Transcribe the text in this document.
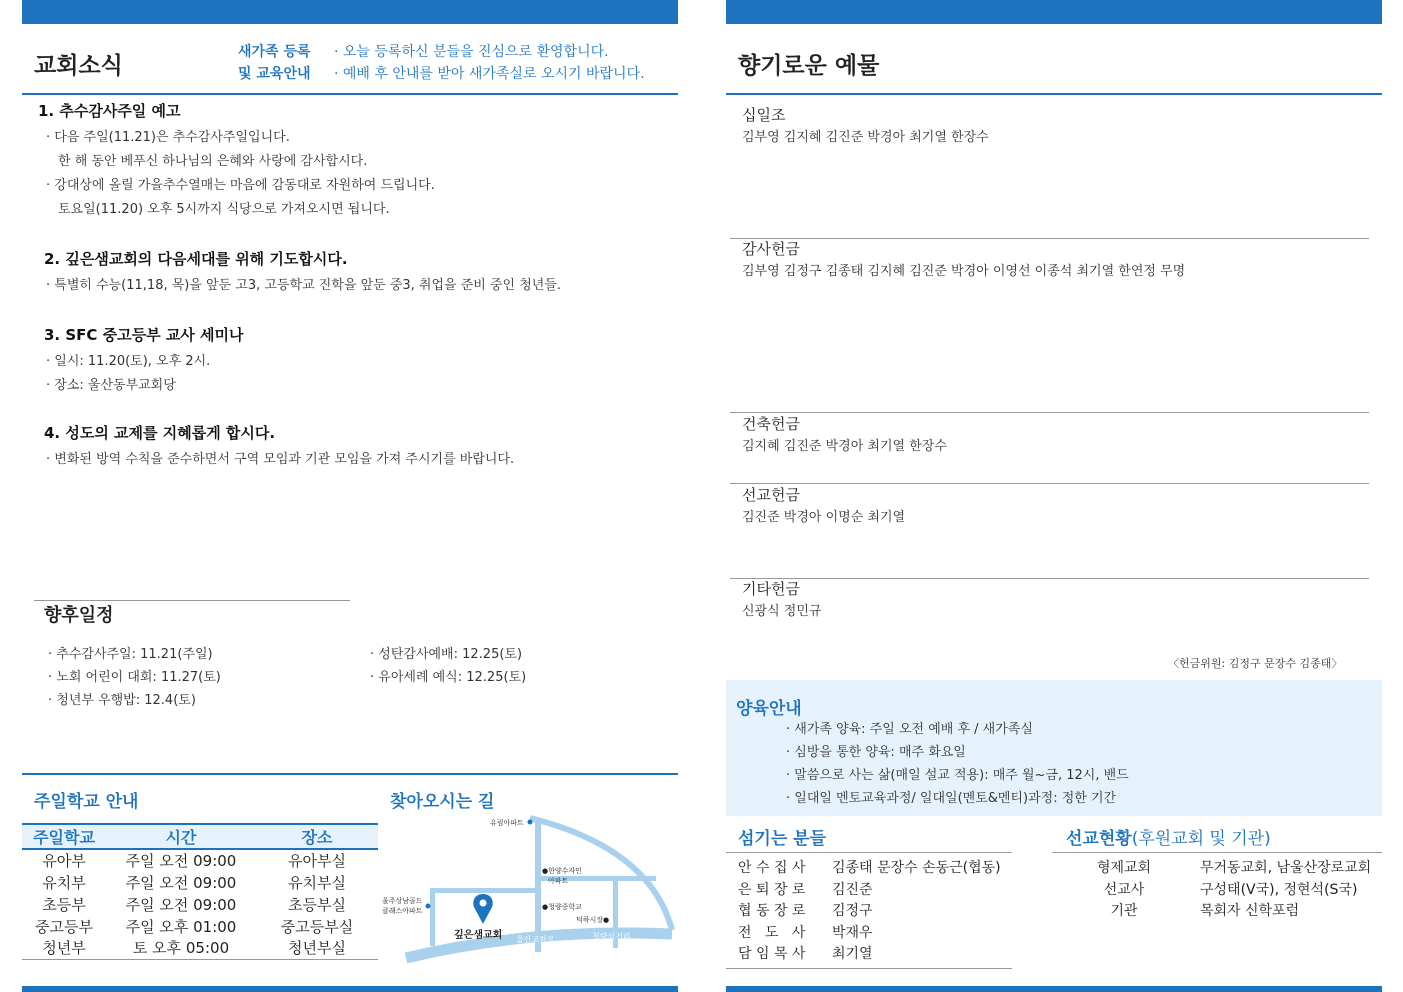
교회소식
새가족 등록
및 교육안내
· 오늘 등록하신 분들을 진심으로 환영합니다.
· 예배 후 안내를 받아 새가족실로 오시기 바랍니다.
1. 추수감사주일 예고
· 다음 주일(11.21)은 추수감사주일입니다.
한 해 동안 베푸신 하나님의 은혜와 사랑에 감사합시다.
· 강대상에 올릴 가을추수열매는 마음에 감동대로 자원하여 드립니다.
토요일(11.20) 오후 5시까지 식당으로 가져오시면 됩니다.
2. 깊은샘교회의 다음세대를 위해 기도합시다.
· 특별히 수능(11,18, 목)을 앞둔 고3, 고등학교 진학을 앞둔 중3, 취업을 준비 중인 청년들.
3. SFC 중고등부 교사 세미나
· 일시: 11.20(토), 오후 2시.
· 장소: 울산동부교회당
4. 성도의 교제를 지혜롭게 합시다.
· 변화된 방역 수칙을 준수하면서 구역 모임과 기관 모임을 가져 주시기를 바랍니다.
향후일정
· 추수감사주일: 11.21(주일)
· 노회 어린이 대회: 11.27(토)
· 청년부 우행밥: 12.4(토)
· 성탄감사예배: 12.25(토)
· 유아세례 예식: 12.25(토)
주일학교 안내
주일학교	시간	장소
유아부	주일 오전 09:00	유아부실
유치부	주일 오전 09:00	유치부실
초등부	주일 오전 09:00	초등부실
중고등부	주일 오후 01:00	중고등부실
청년부	토 오후 05:00	청년부실
찾아오시는 길
유림아파트
●한양수자인
아파트
울주상남골드
클래스아파트	●청량중학교
덕하시장●
깊은샘교회 울산교차로	청량삼거리
향기로운 예물
십일조
김부영 김지혜 김진준 박경아 최기열 한장수
감사헌금
김부영 김정구 김종태 김지혜 김진준 박경아 이영선 이종석 최기열 한연정 무명
건축헌금
김지혜 김진준 박경아 최기열 한장수
선교헌금
김진준 박경아 이명순 최기열
기타헌금
신광식 정민규
〈헌금위원: 김정구 문장수 김종태〉
양육안내
· 새가족 양육: 주일 오전 예배 후 / 새가족실
· 심방을 통한 양육: 매주 화요일
· 말씀으로 사는 삶(매일 설교 적용): 매주 월~금, 12시, 밴드
· 일대일 멘토교육과정/ 일대일(멘토&멘티)과정: 정한 기간
섬기는 분들
안 수 집 사	김종태 문장수 손동근(협동)
은 퇴 장 로	김진준
협 동 장 로	김정구
전   도   사	박재우
담 임 목 사	최기열
선교현황(후원교회 및 기관)
형제교회	무거동교회, 남울산장로교회
선교사	구성태(V국), 정현석(S국)
기관	목회자 신학포럼
